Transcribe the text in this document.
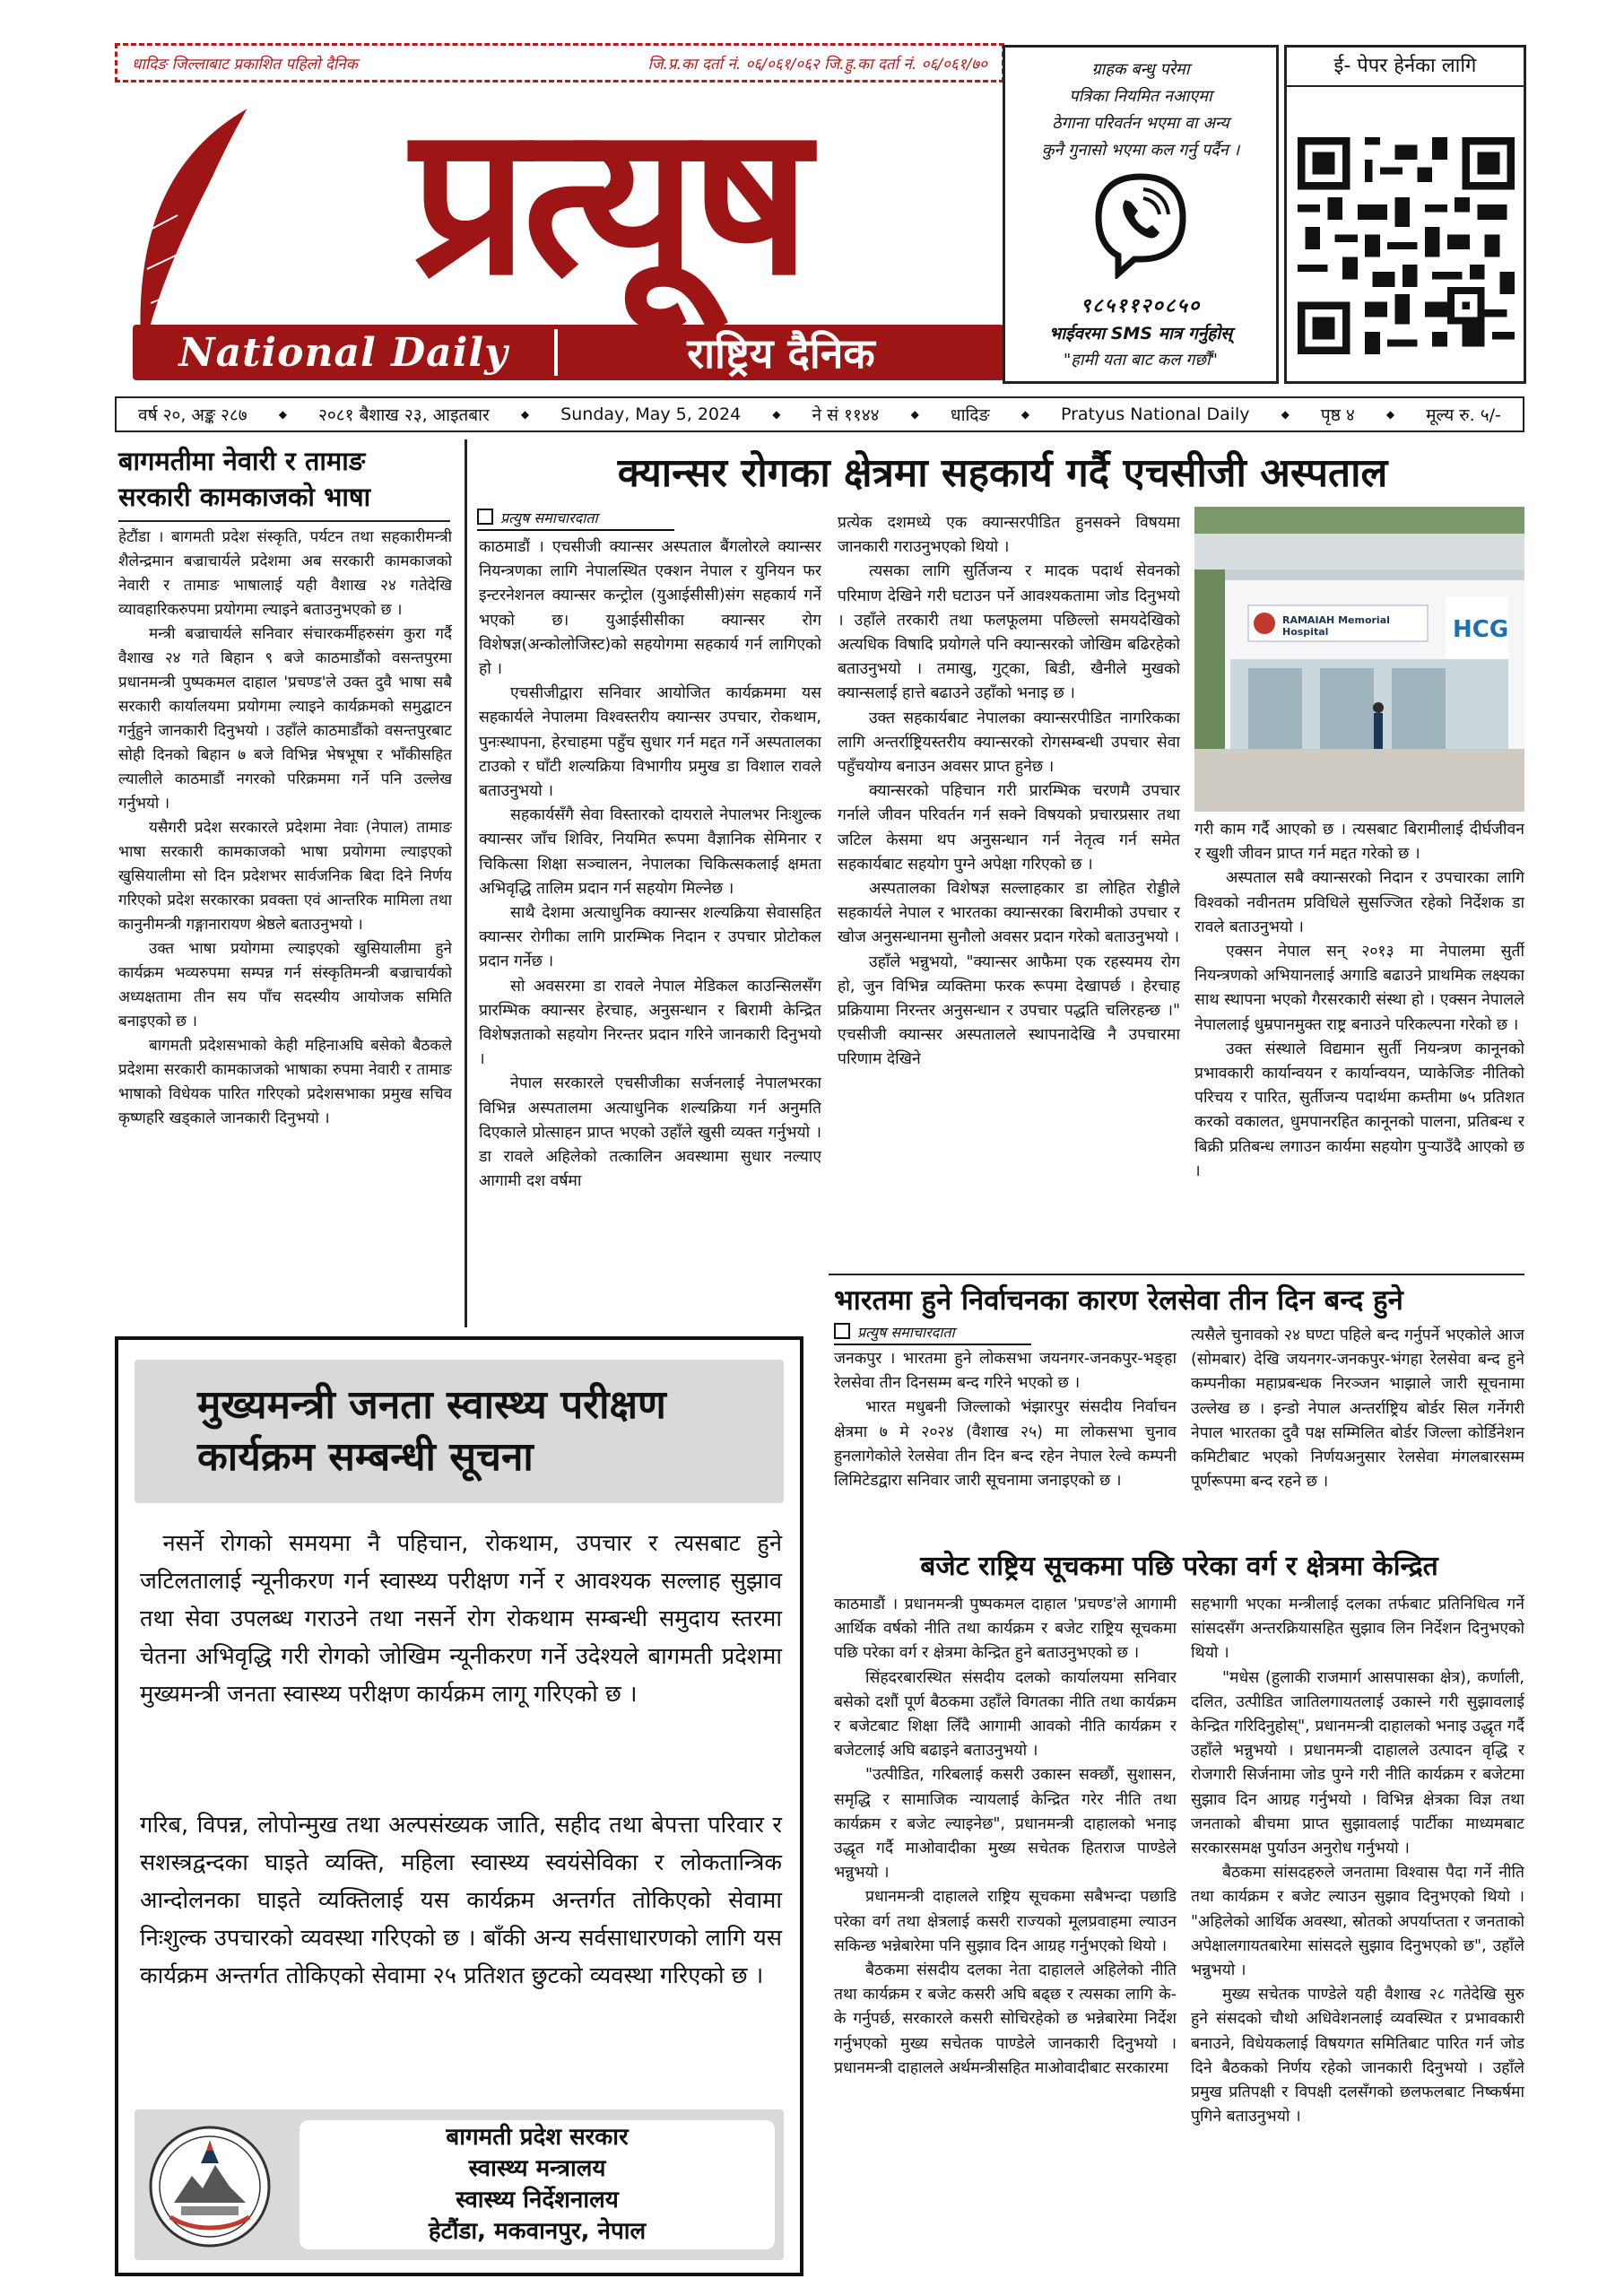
धादिङ जिल्लाबाट प्रकाशित पहिलो दैनिक	जि.प्र.का दर्ता नं. ०६/०६१/०६२ जि.हु.का दर्ता नं. ०६/०६१/७०
प्रत्यूष
National Daily	राष्ट्रिय दैनिक
ग्राहक बन्धु परेमा
पत्रिका नियमित नआएमा
ठेगाना परिवर्तन भएमा वा अन्य
कुनै गुनासो भएमा कल गर्नु पर्दैन ।
९८५११२०८५०
भाईवरमा SMS मात्र गर्नुहोस्
"हामी यता बाट कल गर्छौं"
ई- पेपर हेर्नका लागि
वर्ष २०, अङ्क २८७	◆ २०८१ बैशाख २३, आइतबार	◆ Sunday, May 5, 2024	◆ ने सं ११४४	◆ धादिङ	◆ Pratyus National Daily	◆ पृष्ठ ४	◆ मूल्य रु. ५/-
बागमतीमा नेवारी र तामाङ
सरकारी कामकाजको भाषा

हेटौंडा । बागमती प्रदेश संस्कृति, पर्यटन तथा सहकारीमन्त्री शैलेन्द्रमान बज्राचार्यले प्रदेशमा अब सरकारी कामकाजको नेवारी र तामाङ भाषालाई यही वैशाख २४ गतेदेखि व्यावहारिकरुपमा प्रयोगमा ल्याइने बताउनुभएको छ ।

मन्त्री बज्राचार्यले सनिवार संचारकर्मीहरुसंग कुरा गर्दै वैशाख २४ गते बिहान ९ बजे काठमाडौंको वसन्तपुरमा प्रधानमन्त्री पुष्पकमल दाहाल 'प्रचण्ड'ले उक्त दुवै भाषा सबै सरकारी कार्यालयमा प्रयोगमा ल्याइने कार्यक्रमको समुद्घाटन गर्नुहुने जानकारी दिनुभयो । उहाँले काठमाडौंको वसन्तपुरबाट सोही दिनको बिहान ७ बजे विभिन्न भेषभूषा र भाँकीसहित ल्यालीले काठमाडौं नगरको परिक्रममा गर्ने पनि उल्लेख गर्नुभयो ।

यसैगरी प्रदेश सरकारले प्रदेशमा नेवाः (नेपाल) तामाङ भाषा सरकारी कामकाजको भाषा प्रयोगमा ल्याइएको खुसियालीमा सो दिन प्रदेशभर सार्वजनिक बिदा दिने निर्णय गरिएको प्रदेश सरकारका प्रवक्ता एवं आन्तरिक मामिला तथा कानुनीमन्त्री गङ्गानारायण श्रेष्ठले बताउनुभयो ।

उक्त भाषा प्रयोगमा ल्याइएको खुसियालीमा हुने कार्यक्रम भव्यरुपमा सम्पन्न गर्न संस्कृतिमन्त्री बज्राचार्यको अध्यक्षतामा तीन सय पाँच सदस्यीय आयोजक समिति बनाइएको छ ।

बागमती प्रदेशसभाको केही महिनाअघि बसेको बैठकले प्रदेशमा सरकारी कामकाजको भाषाका रुपमा नेवारी र तामाङ भाषाको विधेयक पारित गरिएको प्रदेशसभाका प्रमुख सचिव कृष्णहरि खड्काले जानकारी दिनुभयो ।

क्यान्सर रोगका क्षेत्रमा सहकार्य गर्दै एचसीजी अस्पताल
प्रत्युष समाचारदाता

काठमाडौं । एचसीजी क्यान्सर अस्पताल बैंगलोरले क्यान्सर नियन्त्रणका लागि नेपालस्थित एक्शन नेपाल र युनियन फर इन्टरनेशनल क्यान्सर कन्ट्रोल (युआईसीसी)संग सहकार्य गर्ने भएको छ। युआईसीसीका क्यान्सर रोग विशेषज्ञ(अन्कोलोजिस्ट)को सहयोगमा सहकार्य गर्न लागिएको हो ।

एचसीजीद्वारा सनिवार आयोजित कार्यक्रममा यस सहकार्यले नेपालमा विश्वस्तरीय क्यान्सर उपचार, रोकथाम, पुनःस्थापना, हेरचाहमा पहुँच सुधार गर्न मद्दत गर्ने अस्पतालका टाउको र घाँटी शल्यक्रिया विभागीय प्रमुख डा विशाल रावले बताउनुभयो ।

सहकार्यसँगै सेवा विस्तारको दायराले नेपालभर निःशुल्क क्यान्सर जाँच शिविर, नियमित रूपमा वैज्ञानिक सेमिनार र चिकित्सा शिक्षा सञ्चालन, नेपालका चिकित्सकलाई क्षमता अभिवृद्धि तालिम प्रदान गर्न सहयोग मिल्नेछ ।

साथै देशमा अत्याधुनिक क्यान्सर शल्यक्रिया सेवासहित क्यान्सर रोगीका लागि प्रारम्भिक निदान र उपचार प्रोटोकल प्रदान गर्नेछ ।

सो अवसरमा डा रावले नेपाल मेडिकल काउन्सिलसँग प्रारम्भिक क्यान्सर हेरचाह, अनुसन्धान र बिरामी केन्द्रित विशेषज्ञताको सहयोग निरन्तर प्रदान गरिने जानकारी दिनुभयो ।

नेपाल सरकारले एचसीजीका सर्जनलाई नेपालभरका विभिन्न अस्पतालमा अत्याधुनिक शल्यक्रिया गर्न अनुमति दिएकाले प्रोत्साहन प्राप्त भएको उहाँले खुसी व्यक्त गर्नुभयो । डा रावले अहिलेको तत्कालिन अवस्थामा सुधार नल्याए आगामी दश वर्षमा

प्रत्येक दशमध्ये एक क्यान्सरपीडित हुनसक्ने विषयमा जानकारी गराउनुभएको थियो ।

त्यसका लागि सुर्तिजन्य र मादक पदार्थ सेवनको परिमाण देखिने गरी घटाउन पर्ने आवश्यकतामा जोड दिनुभयो । उहाँले तरकारी तथा फलफूलमा पछिल्लो समयदेखिको अत्यधिक विषादि प्रयोगले पनि क्यान्सरको जोखिम बढिरहेको बताउनुभयो । तमाखु, गुट्का, बिडी, खैनीले मुखको क्यान्सलाई हात्ते बढाउने उहाँको भनाइ छ ।

उक्त सहकार्यबाट नेपालका क्यान्सरपीडित नागरिकका लागि अन्तर्राष्ट्रियस्तरीय क्यान्सरको रोगसम्बन्धी उपचार सेवा पहुँचयोग्य बनाउन अवसर प्राप्त हुनेछ ।

क्यान्सरको पहिचान गरी प्रारम्भिक चरणमै उपचार गर्नाले जीवन परिवर्तन गर्न सक्ने विषयको प्रचारप्रसार तथा जटिल केसमा थप अनुसन्धान गर्न नेतृत्व गर्न समेत सहकार्यबाट सहयोग पुग्ने अपेक्षा गरिएको छ ।

अस्पतालका विशेषज्ञ सल्लाहकार डा लोहित रोड्डीले सहकार्यले नेपाल र भारतका क्यान्सरका बिरामीको उपचार र खोज अनुसन्धानमा सुनौलो अवसर प्रदान गरेको बताउनुभयो ।

उहाँले भन्नुभयो, "क्यान्सर आफैमा एक रहस्यमय रोग हो, जुन विभिन्न व्यक्तिमा फरक रूपमा देखापर्छ । हेरचाह प्रक्रियामा निरन्तर अनुसन्धान र उपचार पद्धति चलिरहन्छ ।" एचसीजी क्यान्सर अस्पतालले स्थापनादेखि नै उपचारमा परिणाम देखिने

RAMAIAH Memorial Hospital	HCG

गरी काम गर्दै आएको छ । त्यसबाट बिरामीलाई दीर्घजीवन र खुशी जीवन प्राप्त गर्न मद्दत गरेको छ ।

अस्पताल सबै क्यान्सरको निदान र उपचारका लागि विश्वको नवीनतम प्रविधिले सुसज्जित रहेको निर्देशक डा रावले बताउनुभयो ।

एक्सन नेपाल सन् २०१३ मा नेपालमा सुर्ती नियन्त्रणको अभियानलाई अगाडि बढाउने प्राथमिक लक्ष्यका साथ स्थापना भएको गैरसरकारी संस्था हो । एक्सन नेपालले नेपाललाई धुम्रपानमुक्त राष्ट्र बनाउने परिकल्पना गरेको छ ।

उक्त संस्थाले विद्यमान सुर्ती नियन्त्रण कानूनको प्रभावकारी कार्यान्वयन र कार्यान्वयन, प्याकेजिङ नीतिको परिचय र पारित, सुर्तीजन्य पदार्थमा कम्तीमा ७५ प्रतिशत करको वकालत, धुमपानरहित कानूनको पालना, प्रतिबन्ध र बिक्री प्रतिबन्ध लगाउन कार्यमा सहयोग पुऱ्याउँदै आएको छ ।

भारतमा हुने निर्वाचनका कारण रेलसेवा तीन दिन बन्द हुने
प्रत्युष समाचारदाता

जनकपुर । भारतमा हुने लोकसभा जयनगर-जनकपुर-भङ्हा रेलसेवा तीन दिनसम्म बन्द गरिने भएको छ ।

भारत मधुबनी जिल्लाको भंझारपुर संसदीय निर्वाचन क्षेत्रमा ७ मे २०२४ (वैशाख २५) मा लोकसभा चुनाव हुनलागेकोले रेलसेवा तीन दिन बन्द रहेन नेपाल रेल्वे कम्पनी लिमिटेडद्वारा सनिवार जारी सूचनामा जनाइएको छ ।

त्यसैले चुनावको २४ घण्टा पहिले बन्द गर्नुपर्ने भएकोले आज (सोमबार) देखि जयनगर-जनकपुर-भंगहा रेलसेवा बन्द हुने कम्पनीका महाप्रबन्धक निरञ्जन भाझाले जारी सूचनामा उल्लेख छ । इन्डो नेपाल अन्तर्राष्ट्रिय बोर्डर सिल गर्नेगरी नेपाल भारतका दुवै पक्ष सम्मिलित बोर्डर जिल्ला कोर्डिनेशन कमिटीबाट भएको निर्णयअनुसार रेलसेवा मंगलबारसम्म पूर्णरूपमा बन्द रहने छ ।

बजेट राष्ट्रिय सूचकमा पछि परेका वर्ग र क्षेत्रमा केन्द्रित

काठमाडौं । प्रधानमन्त्री पुष्पकमल दाहाल 'प्रचण्ड'ले आगामी आर्थिक वर्षको नीति तथा कार्यक्रम र बजेट राष्ट्रिय सूचकमा पछि परेका वर्ग र क्षेत्रमा केन्द्रित हुने बताउनुभएको छ ।

सिंहदरबारस्थित संसदीय दलको कार्यालयमा सनिवार बसेको दशौं पूर्ण बैठकमा उहाँले विगतका नीति तथा कार्यक्रम र बजेटबाट शिक्षा लिँदै आगामी आवको नीति कार्यक्रम र बजेटलाई अघि बढाइने बताउनुभयो ।

"उत्पीडित, गरिबलाई कसरी उकास्न सक्छौं, सुशासन, समृद्धि र सामाजिक न्यायलाई केन्द्रित गरेर नीति तथा कार्यक्रम र बजेट ल्याइनेछ", प्रधानमन्त्री दाहालको भनाइ उद्धृत गर्दै माओवादीका मुख्य सचेतक हितराज पाण्डेले भन्नुभयो ।

प्रधानमन्त्री दाहालले राष्ट्रिय सूचकमा सबैभन्दा पछाडि परेका वर्ग तथा क्षेत्रलाई कसरी राज्यको मूलप्रवाहमा ल्याउन सकिन्छ भन्नेबारेमा पनि सुझाव दिन आग्रह गर्नुभएको थियो ।

बैठकमा संसदीय दलका नेता दाहालले अहिलेको नीति तथा कार्यक्रम र बजेट कसरी अघि बढ्छ र त्यसका लागि के-के गर्नुपर्छ, सरकारले कसरी सोचिरहेको छ भन्नेबारेमा निर्देश गर्नुभएको मुख्य सचेतक पाण्डेले जानकारी दिनुभयो । प्रधानमन्त्री दाहालले अर्थमन्त्रीसहित माओवादीबाट सरकारमा

सहभागी भएका मन्त्रीलाई दलका तर्फबाट प्रतिनिधित्व गर्ने सांसदसँग अन्तरक्रियासहित सुझाव लिन निर्देशन दिनुभएको थियो ।

"मधेस (हुलाकी राजमार्ग आसपासका क्षेत्र), कर्णाली, दलित, उत्पीडित जातिलगायतलाई उकास्ने गरी सुझावलाई केन्द्रित गरिदिनुहोस्", प्रधानमन्त्री दाहालको भनाइ उद्धृत गर्दै उहाँले भन्नुभयो । प्रधानमन्त्री दाहालले उत्पादन वृद्धि र रोजगारी सिर्जनामा जोड पुग्ने गरी नीति कार्यक्रम र बजेटमा सुझाव दिन आग्रह गर्नुभयो । विभिन्न क्षेत्रका विज्ञ तथा जनताको बीचमा प्राप्त सुझावलाई पार्टीका माध्यमबाट सरकारसमक्ष पुर्याउन अनुरोध गर्नुभयो ।

बैठकमा सांसदहरुले जनतामा विश्वास पैदा गर्ने नीति तथा कार्यक्रम र बजेट ल्याउन सुझाव दिनुभएको थियो । "अहिलेको आर्थिक अवस्था, स्रोतको अपर्याप्तता र जनताको अपेक्षालगायतबारेमा सांसदले सुझाव दिनुभएको छ", उहाँले भन्नुभयो ।

मुख्य सचेतक पाण्डेले यही वैशाख २८ गतेदेखि सुरु हुने संसदको चौथो अधिवेशनलाई व्यवस्थित र प्रभावकारी बनाउने, विधेयकलाई विषयगत समितिबाट पारित गर्न जोड दिने बैठकको निर्णय रहेको जानकारी दिनुभयो । उहाँले प्रमुख प्रतिपक्षी र विपक्षी दलसँगको छलफलबाट निष्कर्षमा पुगिने बताउनुभयो ।

मुख्यमन्त्री जनता स्वास्थ्य परीक्षण
कार्यक्रम सम्बन्धी सूचना
नसर्ने रोगको समयमा नै पहिचान, रोकथाम, उपचार र त्यसबाट हुने जटिलतालाई न्यूनीकरण गर्न स्वास्थ्य परीक्षण गर्ने र आवश्यक सल्लाह सुझाव तथा सेवा उपलब्ध गराउने तथा नसर्ने रोग रोकथाम सम्बन्धी समुदाय स्तरमा चेतना अभिवृद्धि गरी रोगको जोखिम न्यूनीकरण गर्ने उदेश्यले बागमती प्रदेशमा मुख्यमन्त्री जनता स्वास्थ्य परीक्षण कार्यक्रम लागू गरिएको छ ।
गरिब, विपन्न, लोपोन्मुख तथा अल्पसंख्यक जाति, सहीद तथा बेपत्ता परिवार र सशस्त्रद्वन्दका घाइते व्यक्ति, महिला स्वास्थ्य स्वयंसेविका र लोकतान्त्रिक आन्दोलनका घाइते व्यक्तिलाई यस कार्यक्रम अन्तर्गत तोकिएको सेवामा निःशुल्क उपचारको व्यवस्था गरिएको छ । बाँकी अन्य सर्वसाधारणको लागि यस कार्यक्रम अन्तर्गत तोकिएको सेवामा २५ प्रतिशत छुटको व्यवस्था गरिएको छ ।
बागमती प्रदेश सरकार
स्वास्थ्य मन्त्रालय
स्वास्थ्य निर्देशनालय
हेटौंडा, मकवानपुर, नेपाल
